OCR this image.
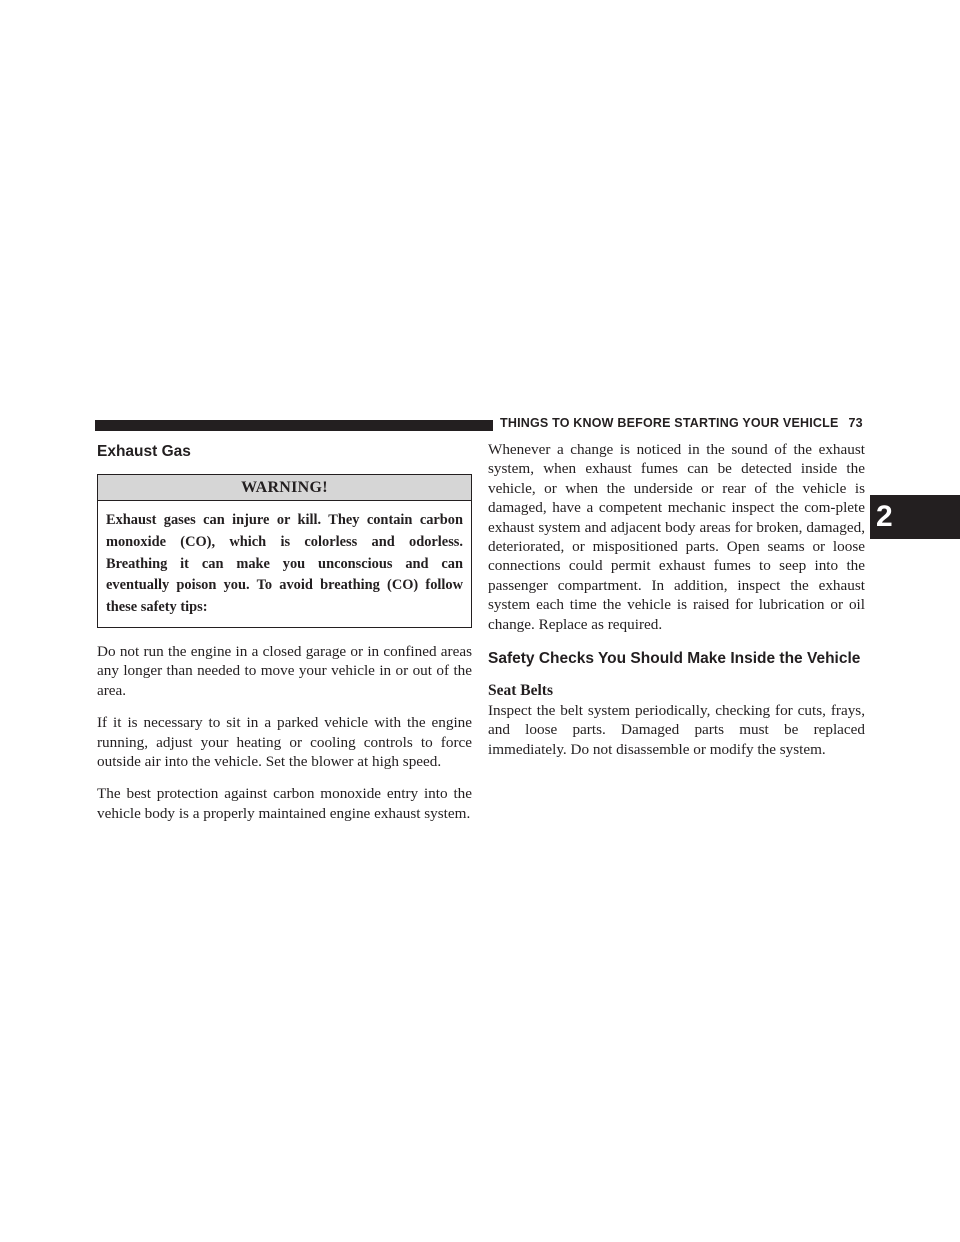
THINGS TO KNOW BEFORE STARTING YOUR VEHICLE 73
2
Exhaust Gas
WARNING!

Exhaust gases can injure or kill. They contain carbon monoxide (CO), which is colorless and odorless. Breathing it can make you unconscious and can eventually poison you. To avoid breathing (CO) follow these safety tips:

Do not run the engine in a closed garage or in confined areas any longer than needed to move your vehicle in or out of the area.

If it is necessary to sit in a parked vehicle with the engine running, adjust your heating or cooling controls to force outside air into the vehicle. Set the blower at high speed.

The best protection against carbon monoxide entry into the vehicle body is a properly maintained engine exhaust system.

Whenever a change is noticed in the sound of the exhaust system, when exhaust fumes can be detected inside the vehicle, or when the underside or rear of the vehicle is damaged, have a competent mechanic inspect the com-plete exhaust system and adjacent body areas for broken, damaged, deteriorated, or mispositioned parts. Open seams or loose connections could permit exhaust fumes to seep into the passenger compartment. In addition, inspect the exhaust system each time the vehicle is raised for lubrication or oil change. Replace as required.

Safety Checks You Should Make Inside the Vehicle
Seat Belts

Inspect the belt system periodically, checking for cuts, frays, and loose parts. Damaged parts must be replaced immediately. Do not disassemble or modify the system.
